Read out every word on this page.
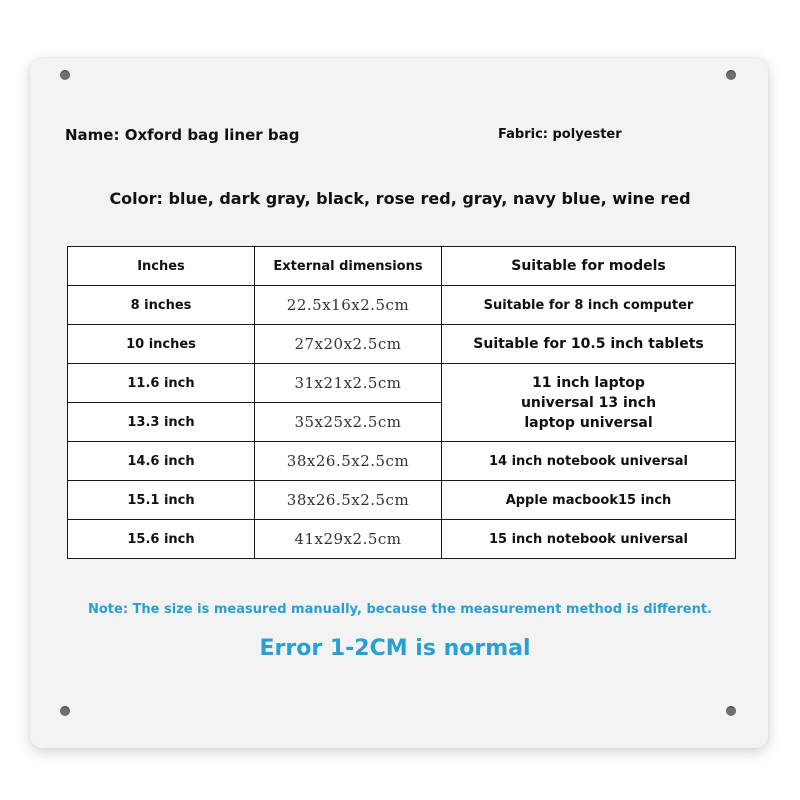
Name: Oxford bag liner bag	Fabric: polyester
Color: blue, dark gray, black, rose red, gray, navy blue, wine red
Inches	External dimensions	Suitable for models
8 inches	22.5x16x2.5cm	Suitable for 8 inch computer
10 inches	27x20x2.5cm	Suitable for 10.5 inch tablets
11.6 inch	31x21x2.5cm	11 inch laptop universal 13 inch laptop universal
13.3 inch	35x25x2.5cm	
14.6 inch	38x26.5x2.5cm	14 inch notebook universal
15.1 inch	38x26.5x2.5cm	Apple macbook15 inch
15.6 inch	41x29x2.5cm	15 inch notebook universal
Note: The size is measured manually, because the measurement method is different.
Error 1-2CM is normal
